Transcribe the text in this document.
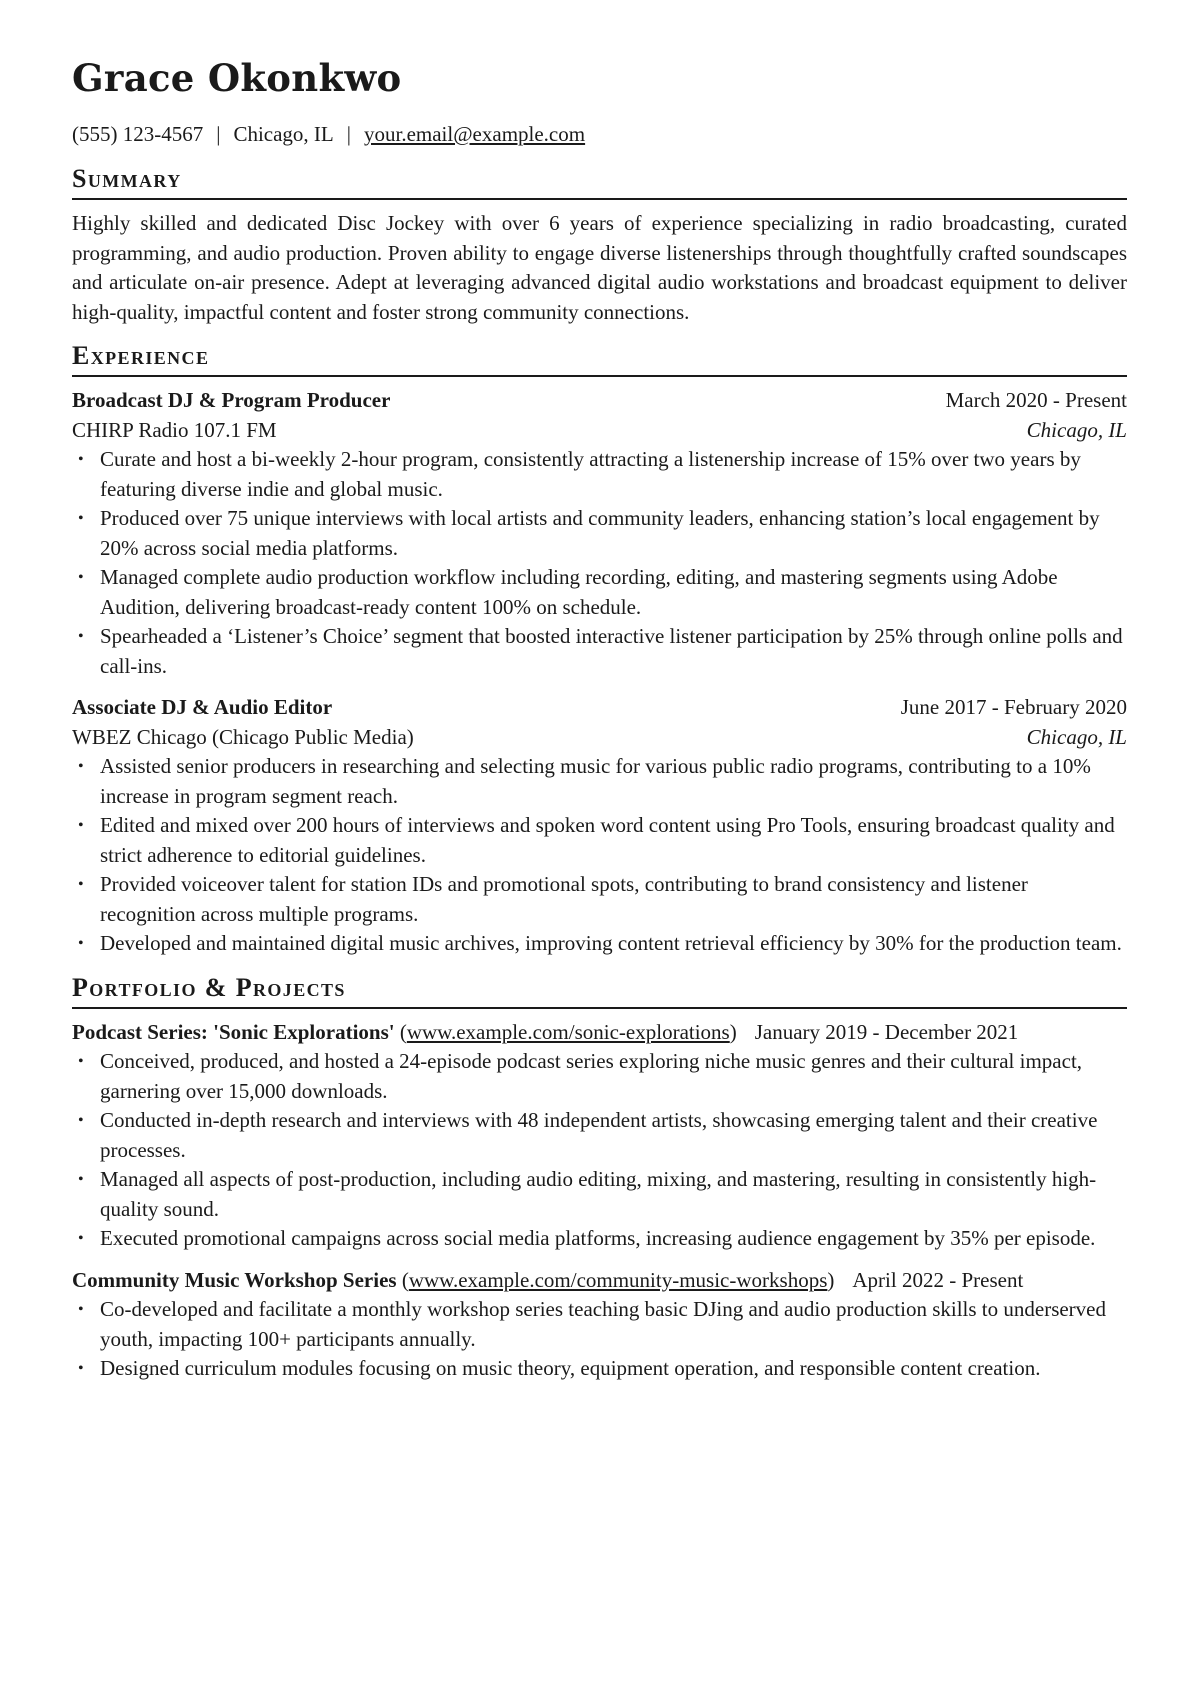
Grace Okonkwo
(555) 123-4567 | Chicago, IL | your.email@example.com
Summary
Highly skilled and dedicated Disc Jockey with over 6 years of experience specializing in radio broadcasting, curated programming, and audio production. Proven ability to engage diverse listenerships through thoughtfully crafted soundscapes and articulate on-air presence. Adept at leveraging advanced digital audio workstations and broadcast equipment to deliver high-quality, impactful content and foster strong community connections.
Experience
Broadcast DJ & Program Producer	March 2020 - Present
CHIRP Radio 107.1 FM	Chicago, IL
• Curate and host a bi-weekly 2-hour program, consistently attracting a listenership increase of 15% over two years by featuring diverse indie and global music.
• Produced over 75 unique interviews with local artists and community leaders, enhancing station’s local engagement by 20% across social media platforms.
• Managed complete audio production workflow including recording, editing, and mastering segments using Adobe Audition, delivering broadcast-ready content 100% on schedule.
• Spearheaded a ‘Listener’s Choice’ segment that boosted interactive listener participation by 25% through online polls and call-ins.
Associate DJ & Audio Editor	June 2017 - February 2020
WBEZ Chicago (Chicago Public Media)	Chicago, IL
• Assisted senior producers in researching and selecting music for various public radio programs, contributing to a 10% increase in program segment reach.
• Edited and mixed over 200 hours of interviews and spoken word content using Pro Tools, ensuring broadcast quality and strict adherence to editorial guidelines.
• Provided voiceover talent for station IDs and promotional spots, contributing to brand consistency and listener recognition across multiple programs.
• Developed and maintained digital music archives, improving content retrieval efficiency by 30% for the production team.
Portfolio & Projects
Podcast Series: 'Sonic Explorations' (www.example.com/sonic-explorations) January 2019 - December 2021
• Conceived, produced, and hosted a 24-episode podcast series exploring niche music genres and their cultural impact, garnering over 15,000 downloads.
• Conducted in-depth research and interviews with 48 independent artists, showcasing emerging talent and their creative processes.
• Managed all aspects of post-production, including audio editing, mixing, and mastering, resulting in consistently high-quality sound.
• Executed promotional campaigns across social media platforms, increasing audience engagement by 35% per episode.
Community Music Workshop Series (www.example.com/community-music-workshops) April 2022 - Present
• Co-developed and facilitate a monthly workshop series teaching basic DJing and audio production skills to underserved youth, impacting 100+ participants annually.
• Designed curriculum modules focusing on music theory, equipment operation, and responsible content creation.
